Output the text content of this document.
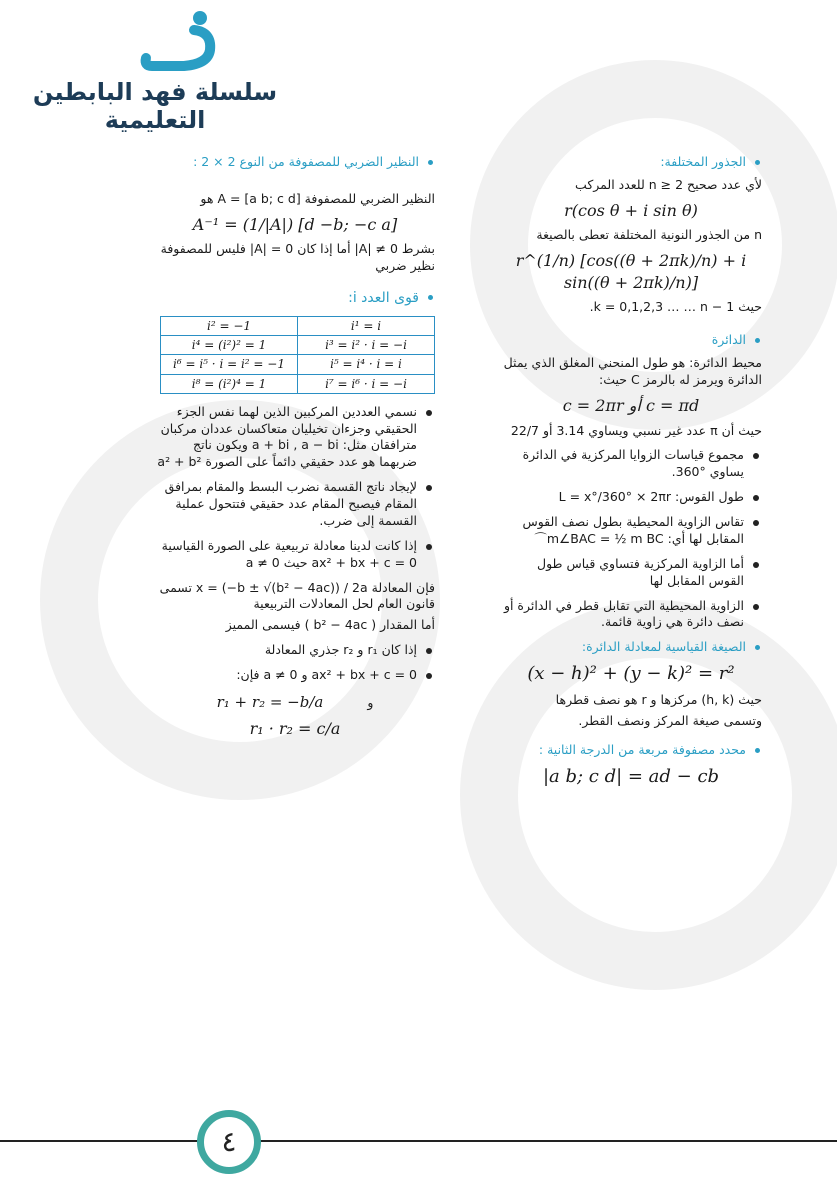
سلسلة فهد البابطين التعليمية
الجذور المختلفة:
لأي عدد صحيح 2 ≤ n للعدد المركب
r(cos θ + i sin θ)
n من الجذور النونية المختلفة تعطى بالصيغة
r^(1/n) [cos((θ + 2πk)/n) + i sin((θ + 2πk)/n)]
حيث k = 0,1,2,3 … … n − 1.
الدائرة
محيط الدائرة: هو طول المنحني المغلق الذي يمثل الدائرة ويرمز له بالرمز C حيث:
c = 2πr أو c = πd
حيث أن π عدد غير نسبي ويساوي 3.14 أو 22/7
مجموع قياسات الزوايا المركزية في الدائرة يساوي °360.
طول القوس: L = x°/360° × 2πr
تقاس الزاوية المحيطية بطول نصف القوس المقابل لها أي: m∠BAC = ½ m BC⌒
أما الزاوية المركزية فتساوي قياس طول القوس المقابل لها
الزاوية المحيطية التي تقابل قطر في الدائرة أو نصف دائرة هي زاوية قائمة.
الصيغة القياسية لمعادلة الدائرة:
(x − h)² + (y − k)² = r²
حيث (h, k) مركزها و r هو نصف قطرها
وتسمى صيغة المركز ونصف القطر.
محدد مصفوفة مربعة من الدرجة الثانية :
|a b; c d| = ad − cb
النظير الضربي للمصفوفة من النوع 2 × 2 :
النظير الضربي للمصفوفة A = [a b; c d] هو
A⁻¹ = (1/|A|) [d −b; −c a]
بشرط 0 ≠ |A| أما إذا كان 0 = |A| فليس للمصفوفة نظير ضربي
قوى العدد i:
i² = −1	i¹ = i
i⁴ = (i²)² = 1	i³ = i² · i = −i
i⁶ = i⁵ · i = i² = −1	i⁵ = i⁴ · i = i
i⁸ = (i²)⁴ = 1	i⁷ = i⁶ · i = −i
نسمي العددين المركبين الذين لهما نفس الجزء الحقيقي وجزءان تخيليان متعاكسان عددان مركبان مترافقان مثل: a + bi , a − bi ويكون ناتج ضربهما هو عدد حقيقي دائماً على الصورة a² + b²
لإيجاد ناتج القسمة نضرب البسط والمقام بمرافق المقام فيصبح المقام عدد حقيقي فتتحول عملية القسمة إلى ضرب.
إذا كانت لدينا معادلة تربيعية على الصورة القياسية ax² + bx + c = 0 حيث a ≠ 0
فإن المعادلة x = (−b ± √(b² − 4ac)) / 2a تسمى قانون العام لحل المعادلات التربيعية
أما المقدار ( b² − 4ac ) فيسمى المميز
إذا كان r₁ و r₂ جذري المعادلة
ax² + bx + c = 0 و a ≠ 0 فإن:
r₁ + r₂ = −b/a	و
r₁ · r₂ = c/a
٤
